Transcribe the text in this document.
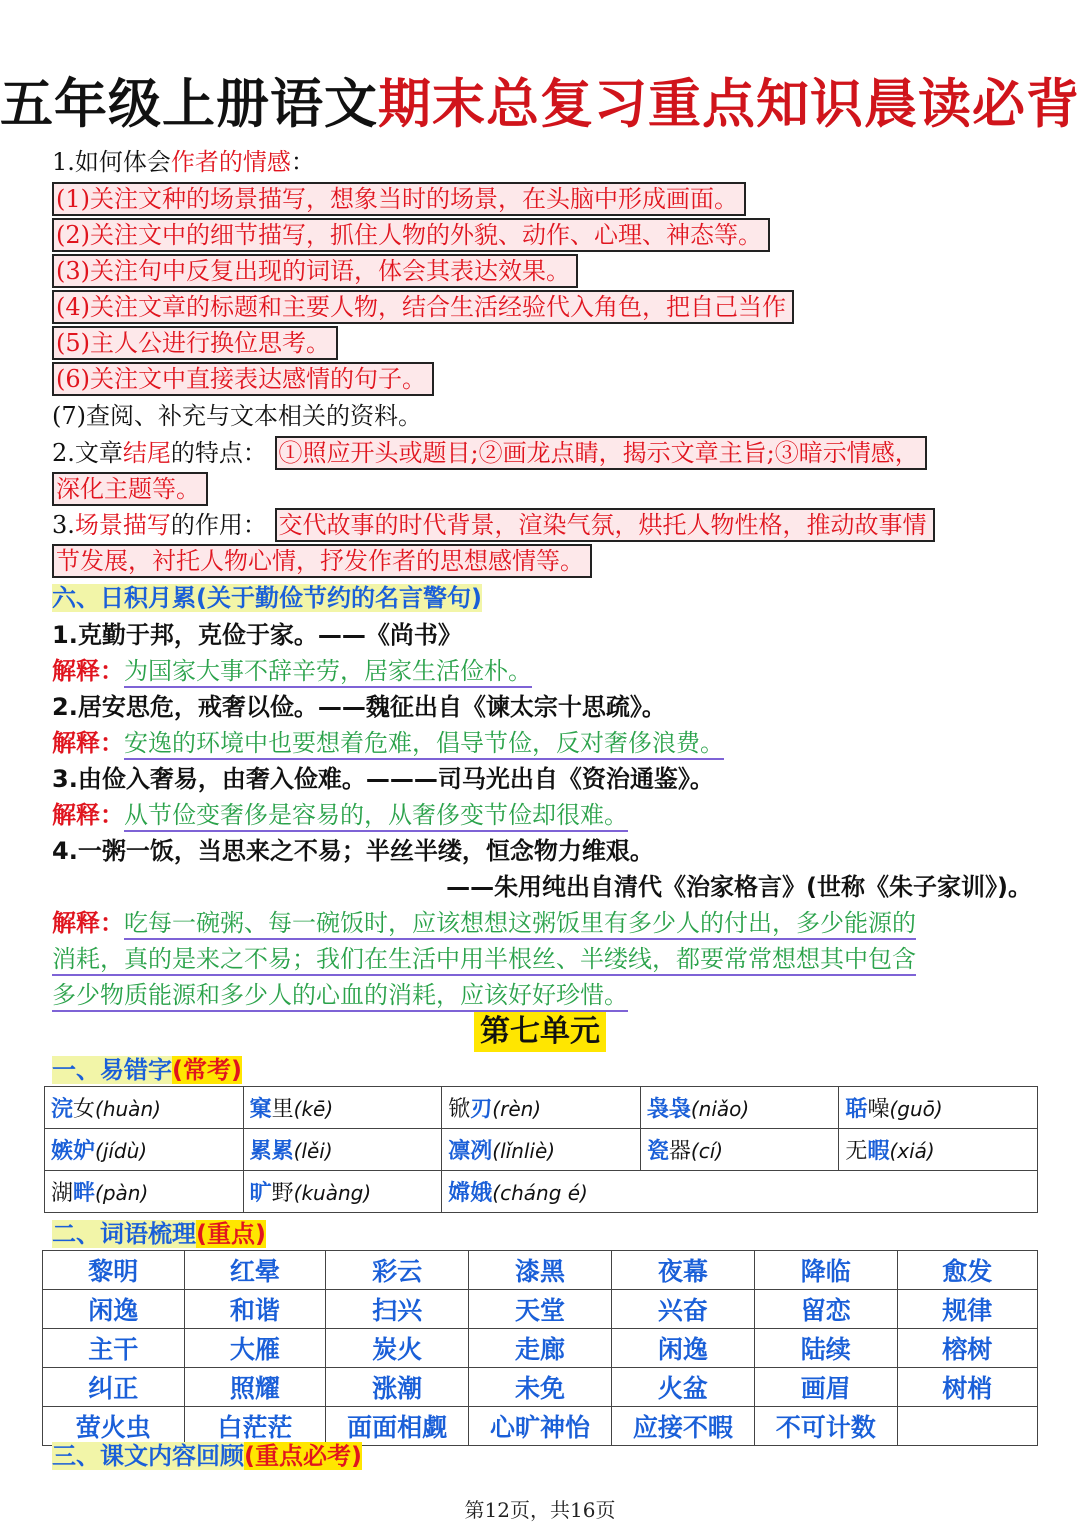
五年级上册语文期末总复习重点知识晨读必背
1.如何体会作者的情感：
(1)关注文种的场景描写，想象当时的场景，在头脑中形成画面。
(2)关注文中的细节描写，抓住人物的外貌、动作、心理、神态等。
(3)关注句中反复出现的词语，体会其表达效果。
(4)关注文章的标题和主要人物，结合生活经验代入角色，把自己当作
(5)主人公进行换位思考。
(6)关注文中直接表达感情的句子。
(7)查阅、补充与文本相关的资料。
2.文章结尾的特点： ①照应开头或题目;②画龙点睛，揭示文章主旨;③暗示情感，
深化主题等。
3.场景描写的作用： 交代故事的时代背景，渲染气氛，烘托人物性格，推动故事情
节发展，衬托人物心情，抒发作者的思想感情等。
六、日积月累(关于勤俭节约的名言警句)
1.克勤于邦，克俭于家。——《尚书》
解释：为国家大事不辞辛劳，居家生活俭朴。
2.居安思危，戒奢以俭。——魏征出自《谏太宗十思疏》。
解释：安逸的环境中也要想着危难，倡导节俭，反对奢侈浪费。
3.由俭入奢易，由奢入俭难。———司马光出自《资治通鉴》。
解释：从节俭变奢侈是容易的，从奢侈变节俭却很难。
4.一粥一饭，当思来之不易；半丝半缕，恒念物力维艰。
——朱用纯出自清代《治家格言》(世称《朱子家训》)。
解释：吃每一碗粥、每一碗饭时，应该想想这粥饭里有多少人的付出，多少能源的
消耗，真的是来之不易；我们在生活中用半根丝、半缕线，都要常常想想其中包含
多少物质能源和多少人的心血的消耗，应该好好珍惜。
第七单元
一、易错字(常考)
浣女(huàn)	窠里(kē)	锨刃(rèn)	袅袅(niǎo)	聒噪(guō)
嫉妒(jídù)	累累(lěi)	凛冽(lǐnliè)	瓷器(cí)	无暇(xiá)
湖畔(pàn)	旷野(kuàng)	嫦娥(cháng é)		
二、词语梳理(重点)
黎明	红晕	彩云	漆黑	夜幕	降临	愈发
闲逸	和谐	扫兴	天堂	兴奋	留恋	规律
主干	大雁	炭火	走廊	闲逸	陆续	榕树
纠正	照耀	涨潮	未免	火盆	画眉	树梢
萤火虫	白茫茫	面面相觑	心旷神怡	应接不暇	不可计数	
三、课文内容回顾(重点必考)
第12页，共16页
